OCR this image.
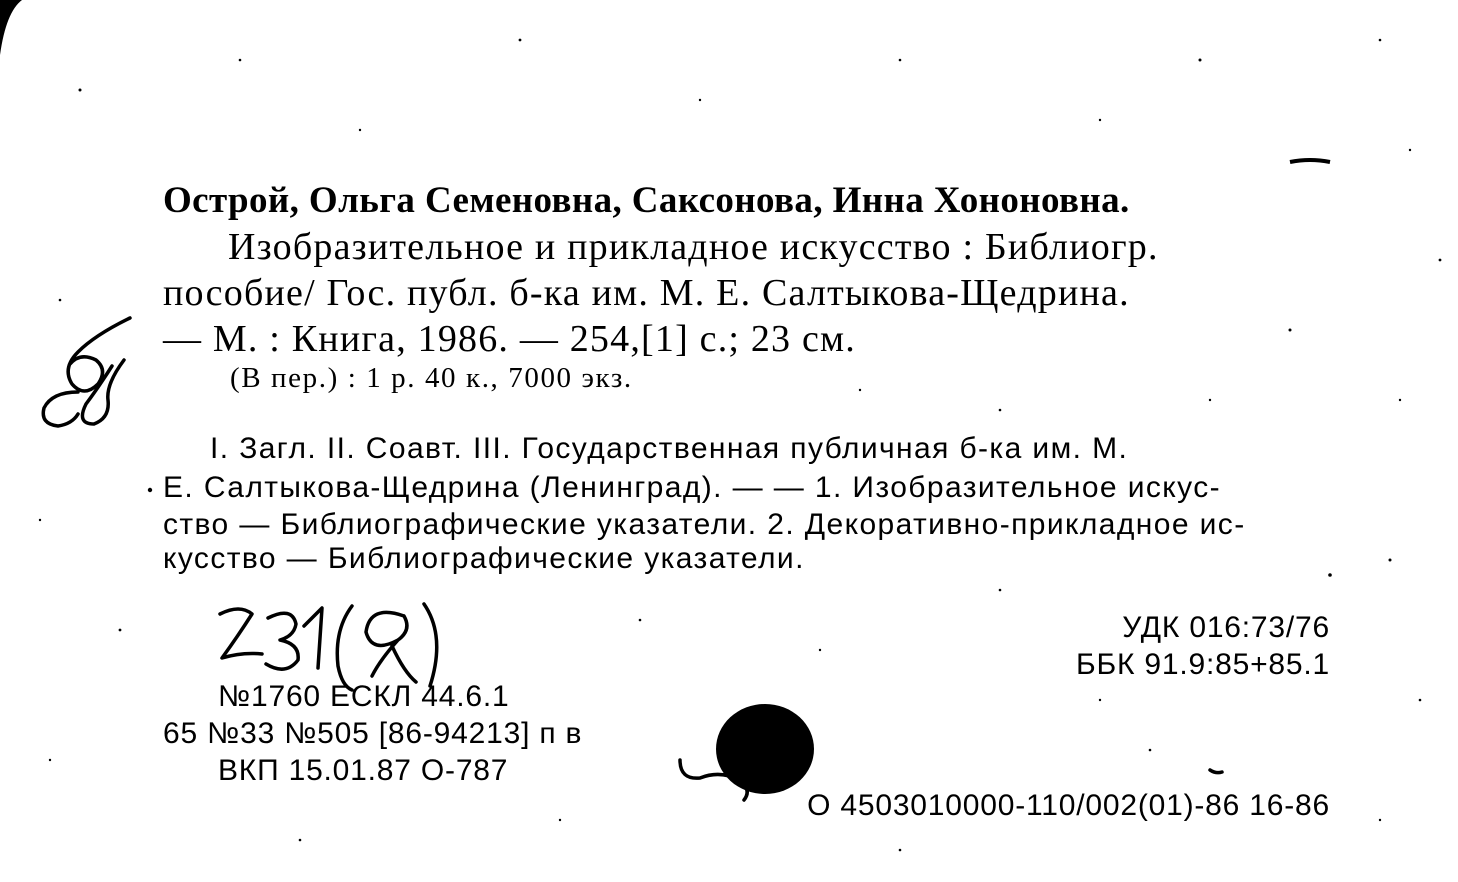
Острой, Ольга Семеновна, Саксонова, Инна Хононовна.
Изобразительное и прикладное искусство : Библиогр.
пособие/ Гос. публ. б-ка им. М. Е. Салтыкова-Щедрина.
— М. : Книга, 1986. — 254,[1] с.; 23 см.
(В пер.) : 1 р. 40 к., 7000 экз.
I. Загл. II. Соавт. III. Государственная публичная б-ка им. М.
Е. Салтыкова-Щедрина (Ленинград). — — 1. Изобразительное искус-
ство — Библиографические указатели. 2. Декоративно-прикладное ис-
кусство — Библиографические указатели.
УДК 016:73/76
ББК 91.9:85+85.1
№1760 ЕСКЛ 44.6.1
65 №33 №505 [86-94213] п в
ВКП 15.01.87 О-787
О 4503010000-110/002(01)-86 16-86
